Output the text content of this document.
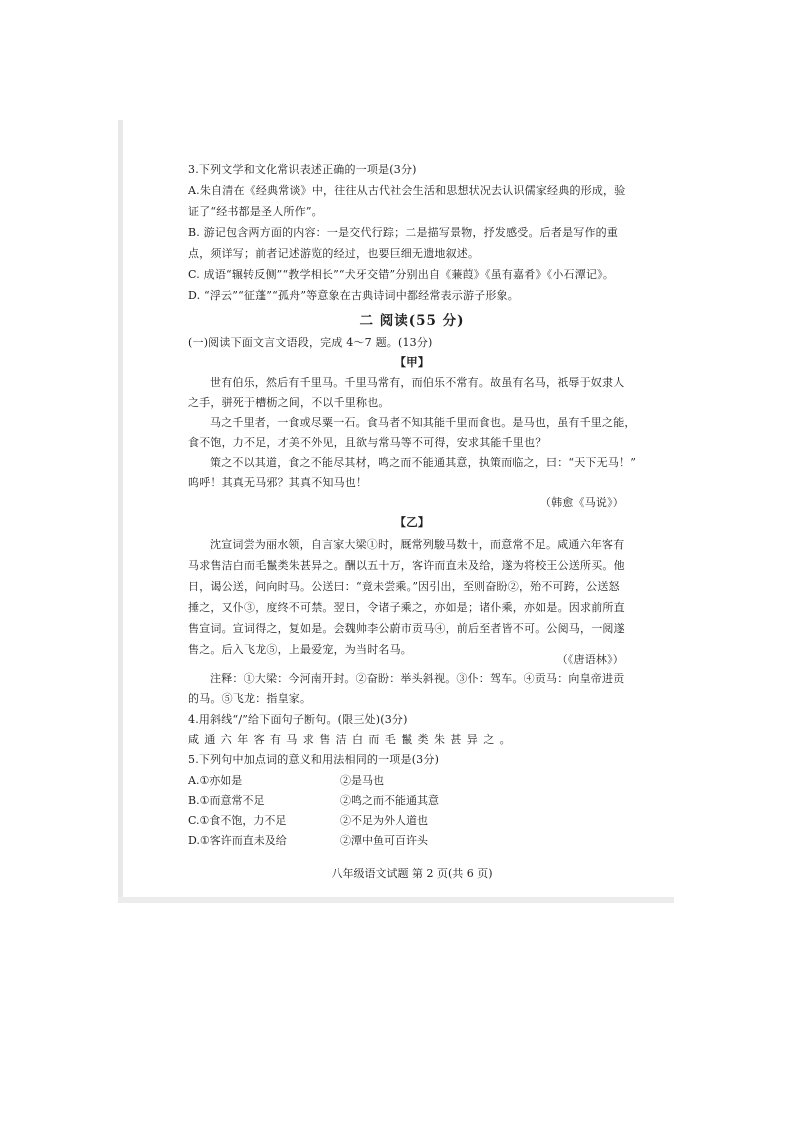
3.下列文学和文化常识表述正确的一项是(3分)
A.朱自清在《经典常谈》中，往往从古代社会生活和思想状况去认识儒家经典的形成，验
证了“经书都是圣人所作”。
B. 游记包含两方面的内容：一是交代行踪；二是描写景物，抒发感受。后者是写作的重
点，须详写；前者记述游览的经过，也要巨细无遗地叙述。
C. 成语“辗转反侧”“教学相长”“犬牙交错”分别出自《蒹葭》《虽有嘉肴》《小石潭记》。
D. “浮云”“征蓬”“孤舟”等意象在古典诗词中都经常表示游子形象。
二 阅读(55 分)
(一)阅读下面文言文语段，完成 4～7 题。(13分)
【甲】
世有伯乐，然后有千里马。千里马常有，而伯乐不常有。故虽有名马，祇辱于奴隶人
之手，骈死于槽枥之间，不以千里称也。
马之千里者，一食或尽粟一石。食马者不知其能千里而食也。是马也，虽有千里之能，
食不饱，力不足，才美不外见，且欲与常马等不可得，安求其能千里也？
策之不以其道，食之不能尽其材，鸣之而不能通其意，执策而临之，曰：“天下无马！”
呜呼！其真无马邪？其真不知马也！
（韩愈《马说》）
【乙】
沈宣词尝为丽水领，自言家大梁①时，厩常列駿马数十，而意常不足。咸通六年客有
马求售洁白而毛鬣类朱甚异之。酬以五十万，客许而直未及给，遂为将校王公送所买。他
日，谒公送，问向时马。公送曰：“竟未尝乘。”因引出，至则奋盼②，殆不可跨，公送怒
捶之，又仆③，度终不可禁。翌日，令诸子乘之，亦如是；诸仆乘，亦如是。因求前所直
售宣词。宣词得之，复如是。会魏帅李公蔚市贡马④，前后至者皆不可。公阅马，一阅遂
售之。后入飞龙⑤，上最爱宠，为当时名马。
（《唐语林》）
注释：①大梁：今河南开封。②奋盼：举头斜视。③仆：驾车。④贡马：向皇帝进贡
的马。⑤飞龙：指皇家。
4.用斜线“/”给下面句子断句。(限三处)(3分)
咸通六年客有马求售洁白而毛鬣类朱甚异之。
5.下列句中加点词的意义和用法相同的一项是(3分)
A.①亦如是	②是马也
B.①而意常不足	②鸣之而不能通其意
C.①食不饱，力不足	②不足为外人道也
D.①客许而直未及给	②潭中鱼可百许头
八年级语文试题 第 2 页(共 6 页)
